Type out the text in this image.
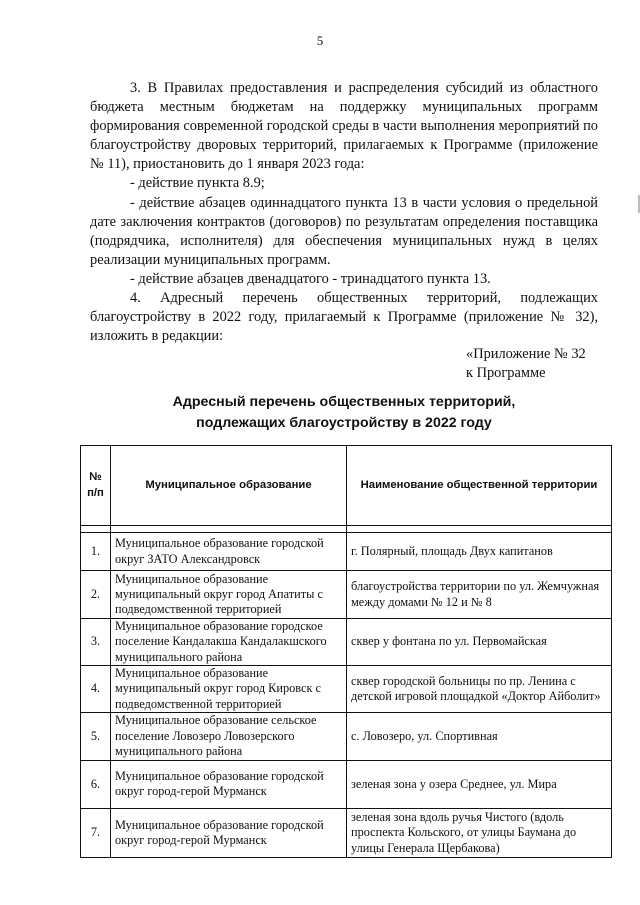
5

3. В Правилах предоставления и распределения субсидий из областного бюджета местным бюджетам на поддержку муниципальных программ формирования современной городской среды в части выполнения мероприятий по благоустройству дворовых территорий, прилагаемых к Программе (приложение № 11), приостановить до 1 января 2023 года:

- действие пункта 8.9;

- действие абзацев одиннадцатого пункта 13 в части условия о предельной дате заключения контрактов (договоров) по результатам определения поставщика (подрядчика, исполнителя) для обеспечения муниципальных нужд в целях реализации муниципальных программ.

- действие абзацев двенадцатого - тринадцатого пункта 13.

4. Адресный перечень общественных территорий, подлежащих благоустройству в 2022 году, прилагаемый к Программе (приложение № 32), изложить в редакции:

«Приложение № 32
к Программе
Адресный перечень общественных территорий,
подлежащих благоустройству в 2022 году
№ п/п	Муниципальное образование	Наименование общественной территории

1.	Муниципальное образование городской округ ЗАТО Александровск	г. Полярный, площадь Двух капитанов
2.	Муниципальное образование муниципальный округ город Апатиты с подведомственной территорией	благоустройства территории по ул. Жемчужная между домами № 12 и № 8
3.	Муниципальное образование городское поселение Кандалакша Кандалакшского муниципального района	сквер у фонтана по ул. Первомайская
4.	Муниципальное образование муниципальный округ город Кировск с подведомственной территорией	сквер городской больницы по пр. Ленина с детской игровой площадкой «Доктор Айболит»
5.	Муниципальное образование сельское поселение Ловозеро Ловозерского муниципального района	с. Ловозеро, ул. Спортивная
6.	Муниципальное образование городской округ город-герой Мурманск	зеленая зона у озера Среднее, ул. Мира
7.	Муниципальное образование городской округ город-герой Мурманск	зеленая зона вдоль ручья Чистого (вдоль проспекта Кольского, от улицы Баумана до улицы Генерала Щербакова)
